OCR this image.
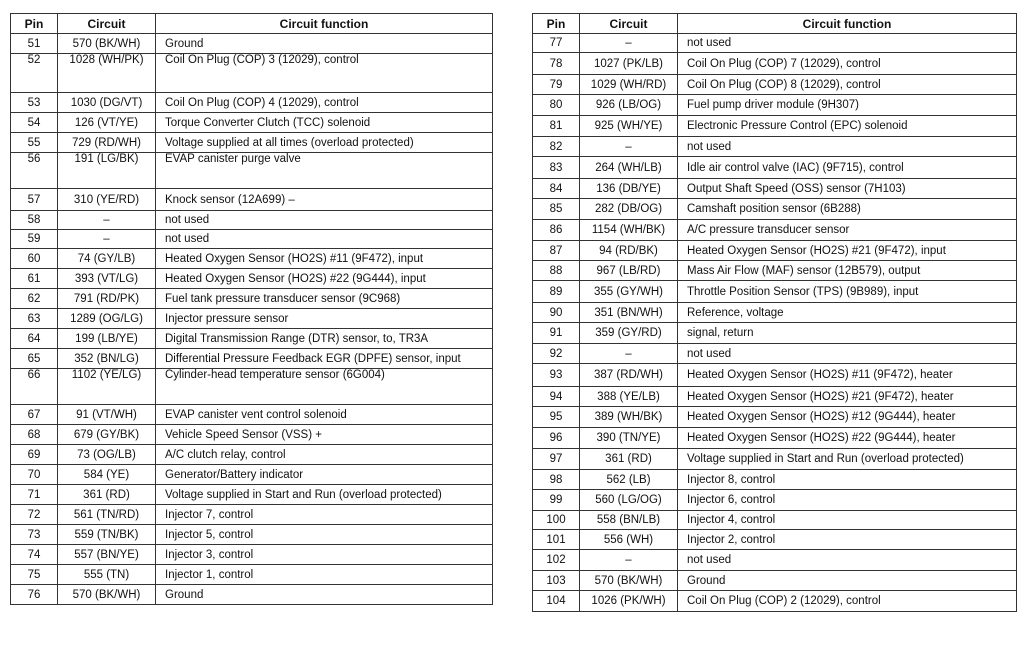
Pin	Circuit	Circuit function
51	570 (BK/WH)	Ground
52	1028 (WH/PK)	Coil On Plug (COP) 3 (12029), control
53	1030 (DG/VT)	Coil On Plug (COP) 4 (12029), control
54	126 (VT/YE)	Torque Converter Clutch (TCC) solenoid
55	729 (RD/WH)	Voltage supplied at all times (overload protected)
56	191 (LG/BK)	EVAP canister purge valve
57	310 (YE/RD)	Knock sensor (12A699) –
58	–	not used
59	–	not used
60	74 (GY/LB)	Heated Oxygen Sensor (HO2S) #11 (9F472), input
61	393 (VT/LG)	Heated Oxygen Sensor (HO2S) #22 (9G444), input
62	791 (RD/PK)	Fuel tank pressure transducer sensor (9C968)
63	1289 (OG/LG)	Injector pressure sensor
64	199 (LB/YE)	Digital Transmission Range (DTR) sensor, to, TR3A
65	352 (BN/LG)	Differential Pressure Feedback EGR (DPFE) sensor, input
66	1102 (YE/LG)	Cylinder-head temperature sensor (6G004)
67	91 (VT/WH)	EVAP canister vent control solenoid
68	679 (GY/BK)	Vehicle Speed Sensor (VSS) +
69	73 (OG/LB)	A/C clutch relay, control
70	584 (YE)	Generator/Battery indicator
71	361 (RD)	Voltage supplied in Start and Run (overload protected)
72	561 (TN/RD)	Injector 7, control
73	559 (TN/BK)	Injector 5, control
74	557 (BN/YE)	Injector 3, control
75	555 (TN)	Injector 1, control
76	570 (BK/WH)	Ground
Pin	Circuit	Circuit function
77	–	not used
78	1027 (PK/LB)	Coil On Plug (COP) 7 (12029), control
79	1029 (WH/RD)	Coil On Plug (COP) 8 (12029), control
80	926 (LB/OG)	Fuel pump driver module (9H307)
81	925 (WH/YE)	Electronic Pressure Control (EPC) solenoid
82	–	not used
83	264 (WH/LB)	Idle air control valve (IAC) (9F715), control
84	136 (DB/YE)	Output Shaft Speed (OSS) sensor (7H103)
85	282 (DB/OG)	Camshaft position sensor (6B288)
86	1154 (WH/BK)	A/C pressure transducer sensor
87	94 (RD/BK)	Heated Oxygen Sensor (HO2S) #21 (9F472), input
88	967 (LB/RD)	Mass Air Flow (MAF) sensor (12B579), output
89	355 (GY/WH)	Throttle Position Sensor (TPS) (9B989), input
90	351 (BN/WH)	Reference, voltage
91	359 (GY/RD)	signal, return
92	–	not used
93	387 (RD/WH)	Heated Oxygen Sensor (HO2S) #11 (9F472), heater
94	388 (YE/LB)	Heated Oxygen Sensor (HO2S) #21 (9F472), heater
95	389 (WH/BK)	Heated Oxygen Sensor (HO2S) #12 (9G444), heater
96	390 (TN/YE)	Heated Oxygen Sensor (HO2S) #22 (9G444), heater
97	361 (RD)	Voltage supplied in Start and Run (overload protected)
98	562 (LB)	Injector 8, control
99	560 (LG/OG)	Injector 6, control
100	558 (BN/LB)	Injector 4, control
101	556 (WH)	Injector 2, control
102	–	not used
103	570 (BK/WH)	Ground
104	1026 (PK/WH)	Coil On Plug (COP) 2 (12029), control
